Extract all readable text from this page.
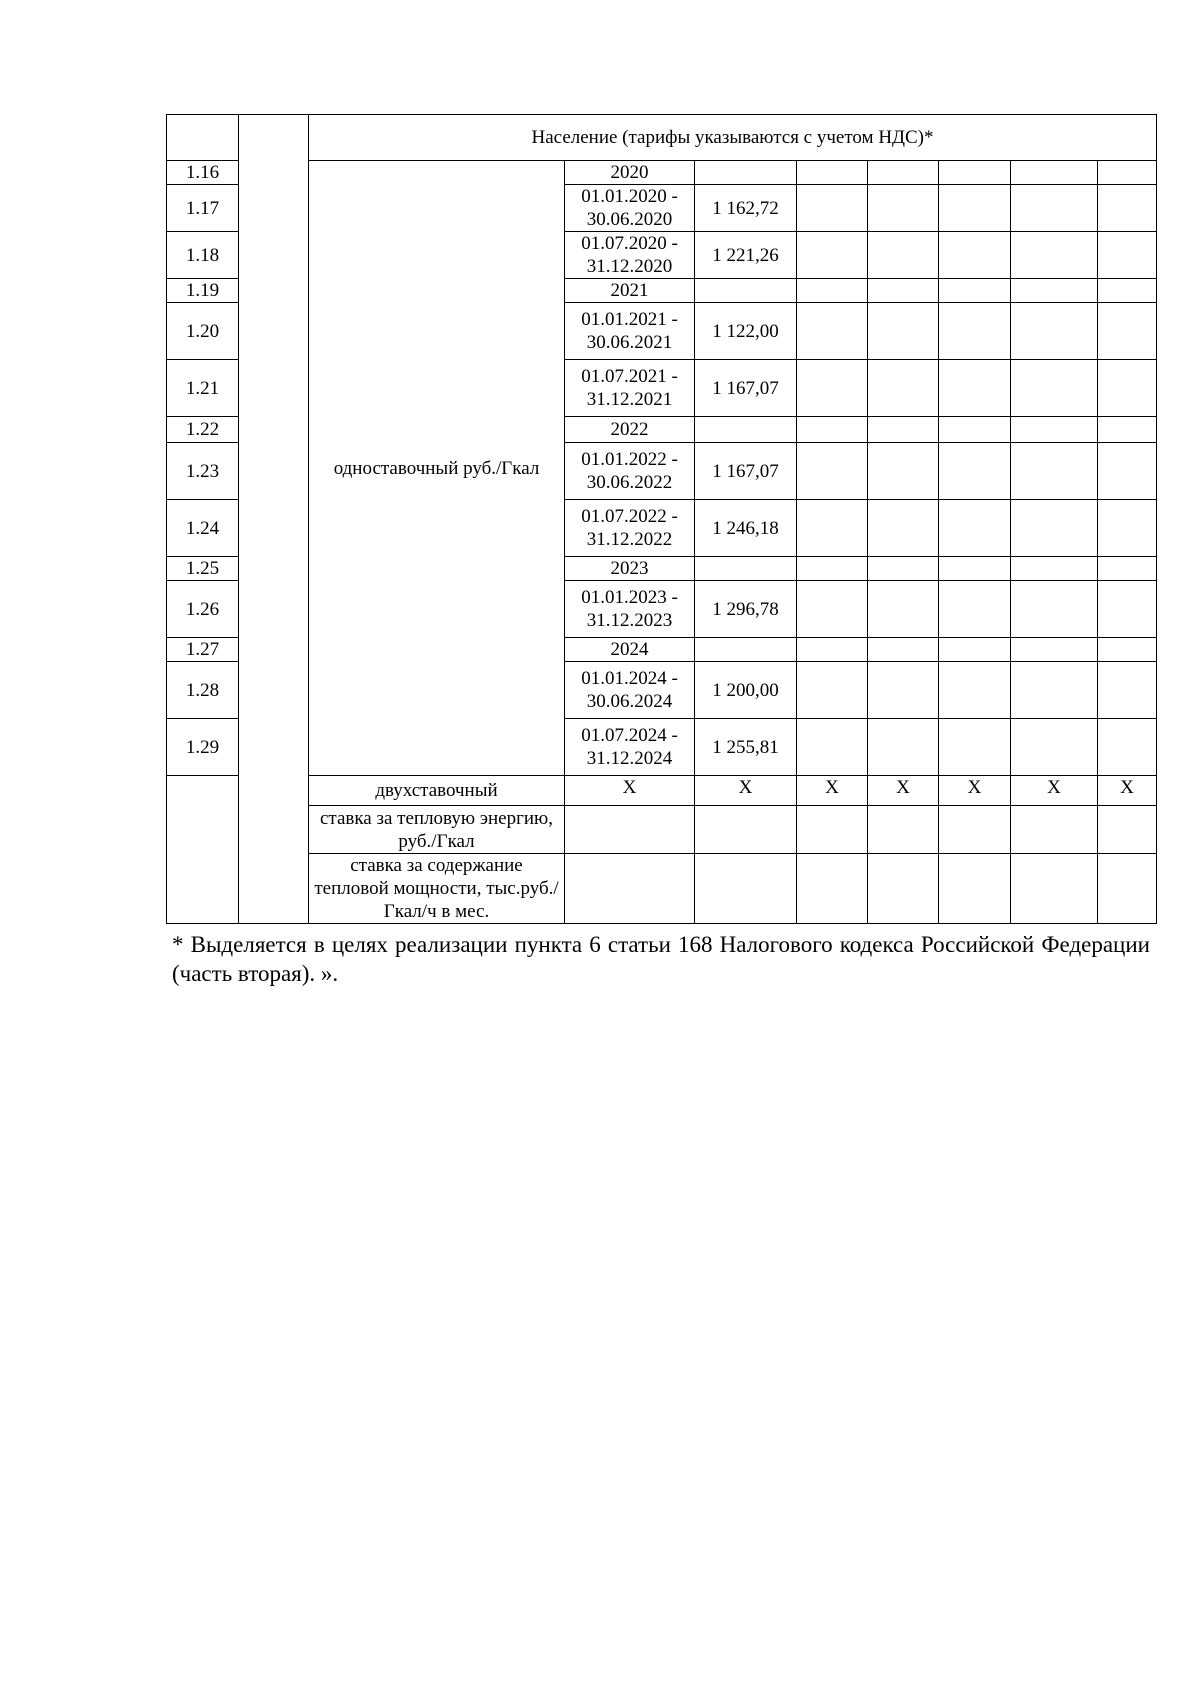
		Население (тарифы указываются с учетом НДС)*								
1.16		одноставочный руб./Гкал	2020							
1.17			01.01.2020 - 30.06.2020	1 162,72						
1.18			01.07.2020 - 31.12.2020	1 221,26						
1.19			2021							
1.20			01.01.2021 - 30.06.2021	1 122,00						
1.21			01.07.2021 - 31.12.2021	1 167,07						
1.22			2022							
1.23			01.01.2022 - 30.06.2022	1 167,07						
1.24			01.07.2022 - 31.12.2022	1 246,18						
1.25			2023							
1.26			01.01.2023 - 31.12.2023	1 296,78						
1.27			2024							
1.28			01.01.2024 - 30.06.2024	1 200,00						
1.29			01.07.2024 - 31.12.2024	1 255,81						
		двухставочный	X	X	X	X	X	X	X	
		ставка за тепловую энергию, руб./Гкал								
		ставка за содержание тепловой мощности, тыс.руб./Гкал/ч в мес.								
* Выделяется в целях реализации пункта 6 статьи 168 Налогового кодекса Российской Федерации (часть вторая). ».
